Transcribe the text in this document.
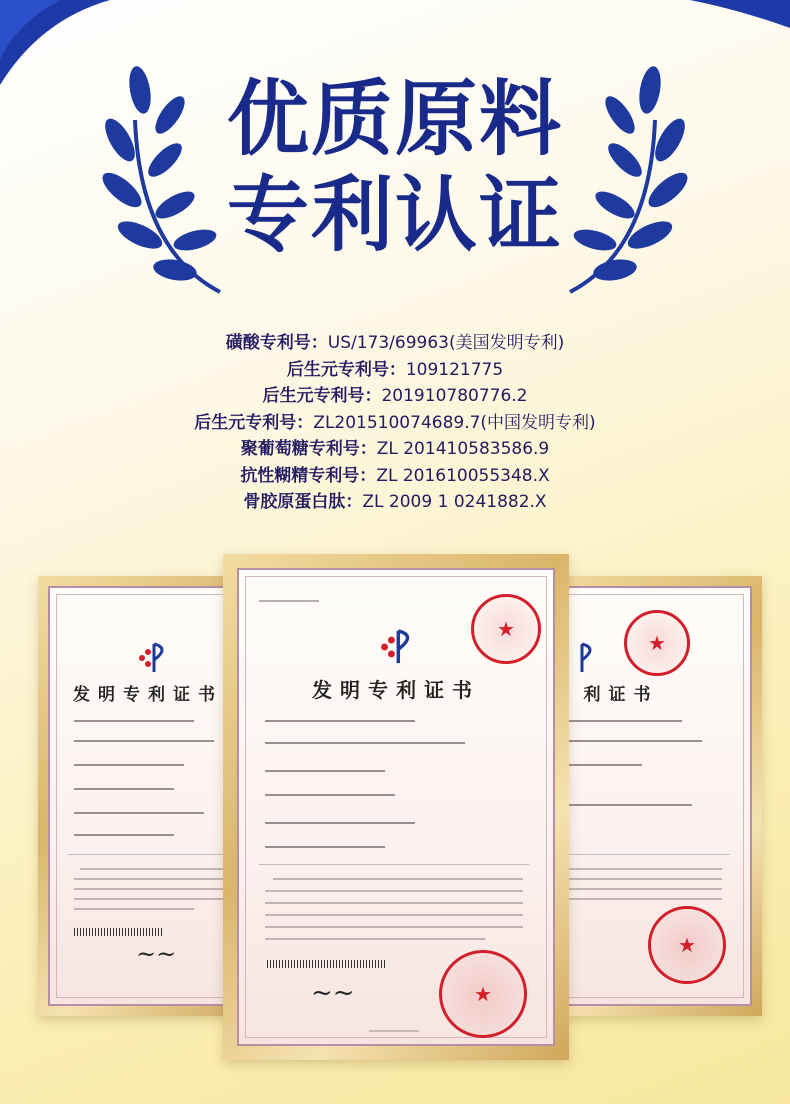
优质原料
专利认证
磺酸专利号：US/173/69963(美国发明专利)
后生元专利号：109121775
后生元专利号：201910780776.2
后生元专利号：ZL201510074689.7(中国发明专利)
聚葡萄糖专利号：ZL 201410583586.9
抗性糊精专利号：ZL 201610055348.X
骨胶原蛋白肽：ZL 2009 1 0241882.X
发明专利证书
~~
★
利证书
★
★
发明专利证书
~~	★
